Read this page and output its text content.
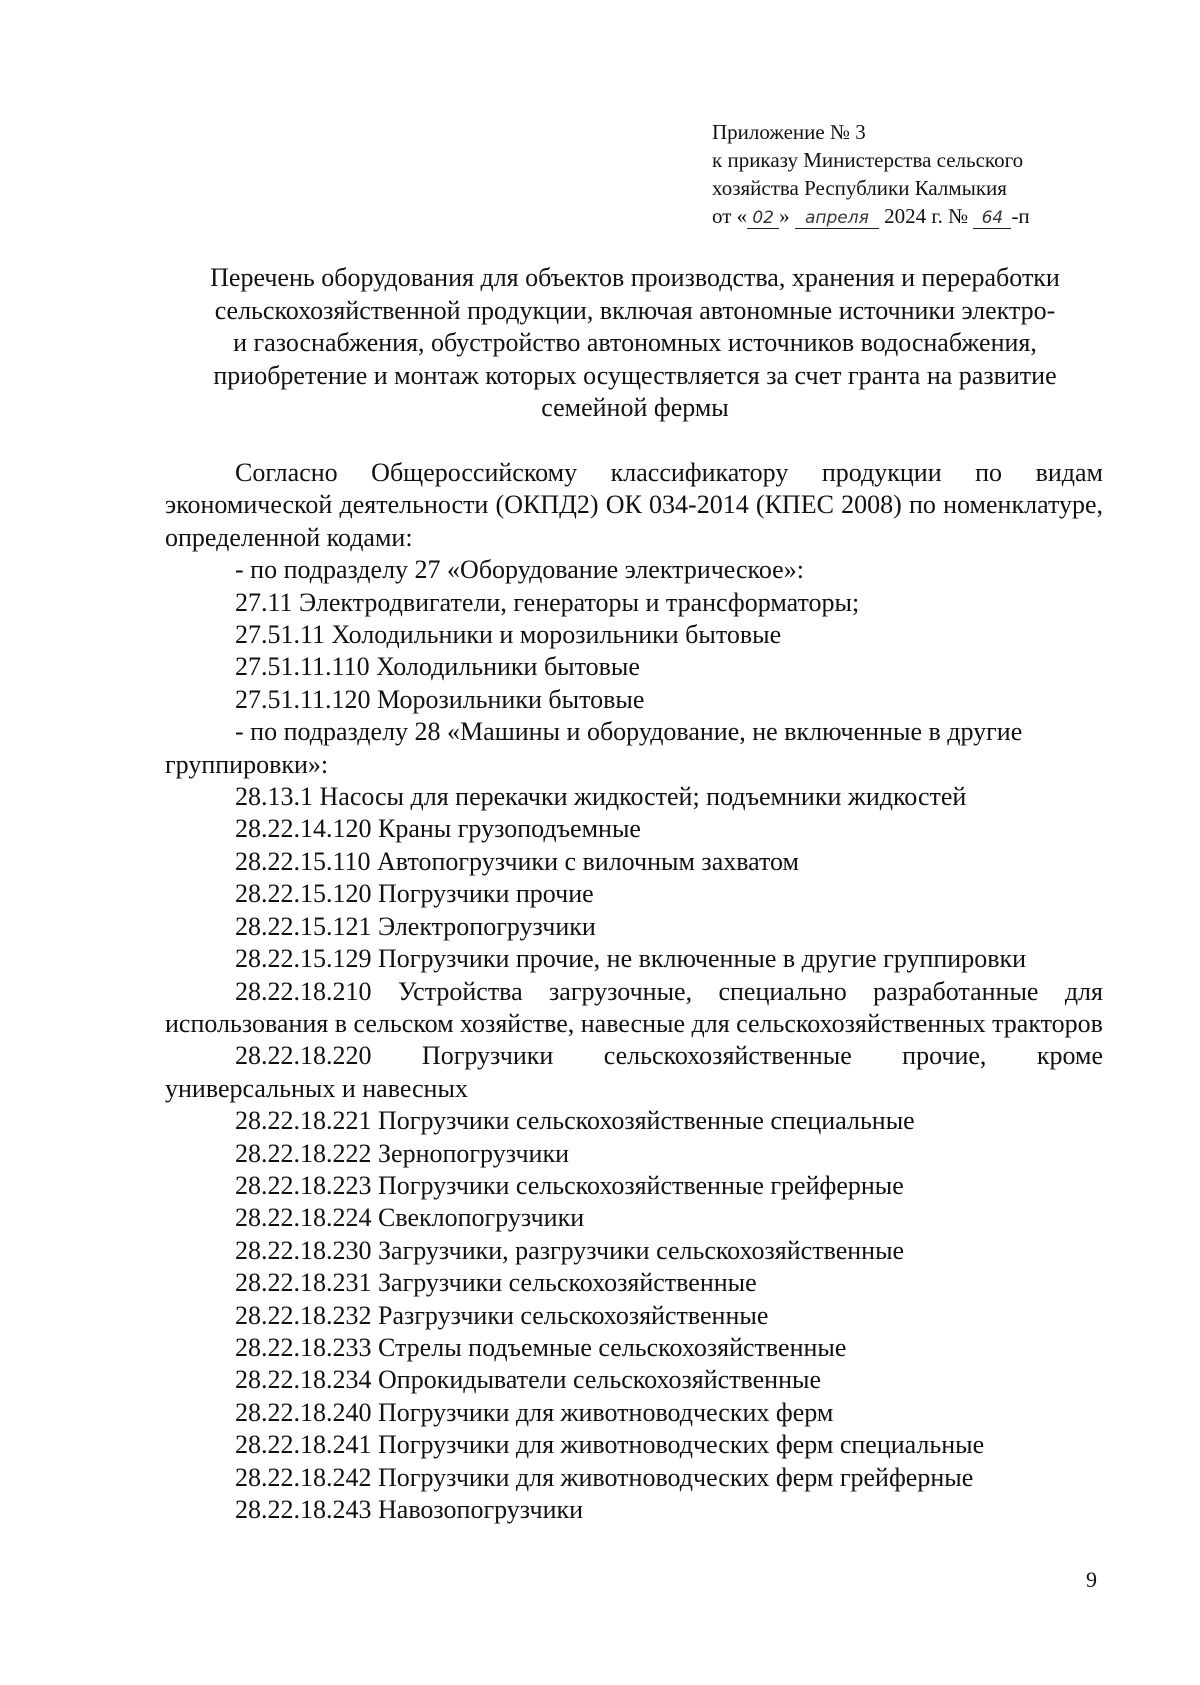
Приложение № 3
к приказу Министерства сельского
хозяйства Республики Калмыкия
от « 02 » апреля 2024 г. № 64 -п
Перечень оборудования для объектов производства, хранения и переработки
сельскохозяйственной продукции, включая автономные источники электро-
и газоснабжения, обустройство автономных источников водоснабжения,
приобретение и монтаж которых осуществляется за счет гранта на развитие
семейной фермы
Согласно Общероссийскому классификатору продукции по видам экономической деятельности (ОКПД2) ОК 034-2014 (КПЕС 2008) по номенклатуре, определенной кодами:
- по подразделу 27 «Оборудование электрическое»:
27.11 Электродвигатели, генераторы и трансформаторы;
27.51.11 Холодильники и морозильники бытовые
27.51.11.110 Холодильники бытовые
27.51.11.120 Морозильники бытовые
- по подразделу 28 «Машины и оборудование, не включенные в другие группировки»:
28.13.1 Насосы для перекачки жидкостей; подъемники жидкостей
28.22.14.120 Краны грузоподъемные
28.22.15.110 Автопогрузчики с вилочным захватом
28.22.15.120 Погрузчики прочие
28.22.15.121 Электропогрузчики
28.22.15.129 Погрузчики прочие, не включенные в другие группировки
28.22.18.210 Устройства загрузочные, специально разработанные для использования в сельском хозяйстве, навесные для сельскохозяйственных тракторов
28.22.18.220 Погрузчики сельскохозяйственные прочие, кроме универсальных и навесных
28.22.18.221 Погрузчики сельскохозяйственные специальные
28.22.18.222 Зернопогрузчики
28.22.18.223 Погрузчики сельскохозяйственные грейферные
28.22.18.224 Свеклопогрузчики
28.22.18.230 Загрузчики, разгрузчики сельскохозяйственные
28.22.18.231 Загрузчики сельскохозяйственные
28.22.18.232 Разгрузчики сельскохозяйственные
28.22.18.233 Стрелы подъемные сельскохозяйственные
28.22.18.234 Опрокидыватели сельскохозяйственные
28.22.18.240 Погрузчики для животноводческих ферм
28.22.18.241 Погрузчики для животноводческих ферм специальные
28.22.18.242 Погрузчики для животноводческих ферм грейферные
28.22.18.243 Навозопогрузчики
9
